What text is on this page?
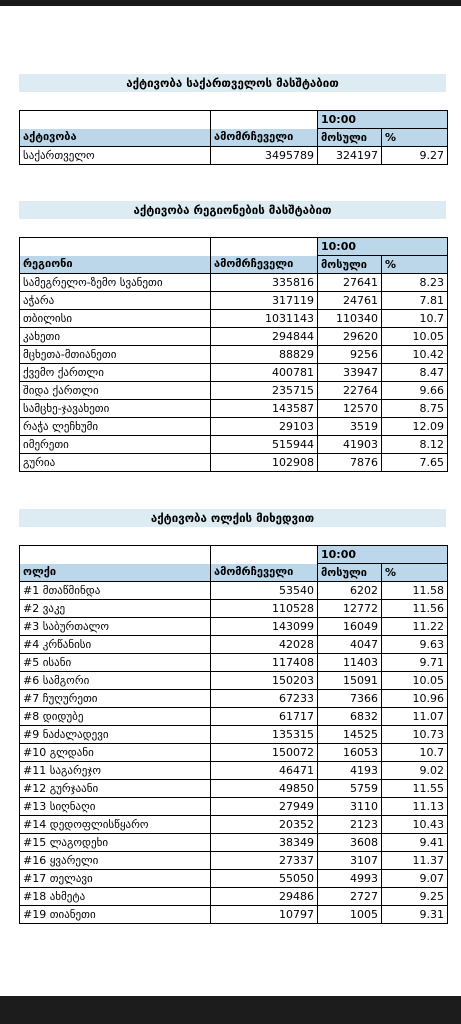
აქტივობა საქართველოს მასშტაბით
		10:00	
აქტივობა	ამომრჩეველი	მოსული	%
საქართველო	3495789	324197	9.27
აქტივობა რეგიონების მასშტაბით
		10:00	
რეგიონი	ამომრჩეველი	მოსული	%
სამეგრელო-ზემო სვანეთი	335816	27641	8.23
აჭარა	317119	24761	7.81
თბილისი	1031143	110340	10.7
კახეთი	294844	29620	10.05
მცხეთა-მთიანეთი	88829	9256	10.42
ქვემო ქართლი	400781	33947	8.47
შიდა ქართლი	235715	22764	9.66
სამცხე-ჯავახეთი	143587	12570	8.75
რაჭა ლეჩხუმი	29103	3519	12.09
იმერეთი	515944	41903	8.12
გურია	102908	7876	7.65
აქტივობა ოლქის მიხედვით
		10:00	
ოლქი	ამომრჩეველი	მოსული	%
#1 მთაწმინდა	53540	6202	11.58
#2 ვაკე	110528	12772	11.56
#3 საბურთალო	143099	16049	11.22
#4 კრწანისი	42028	4047	9.63
#5 ისანი	117408	11403	9.71
#6 სამგორი	150203	15091	10.05
#7 ჩუღურეთი	67233	7366	10.96
#8 დიდუბე	61717	6832	11.07
#9 ნაძალადევი	135315	14525	10.73
#10 გლდანი	150072	16053	10.7
#11 საგარეჯო	46471	4193	9.02
#12 გურჯაანი	49850	5759	11.55
#13 სიღნაღი	27949	3110	11.13
#14 დედოფლისწყარო	20352	2123	10.43
#15 ლაგოდეხი	38349	3608	9.41
#16 ყვარელი	27337	3107	11.37
#17 თელავი	55050	4993	9.07
#18 ახმეტა	29486	2727	9.25
#19 თიანეთი	10797	1005	9.31
